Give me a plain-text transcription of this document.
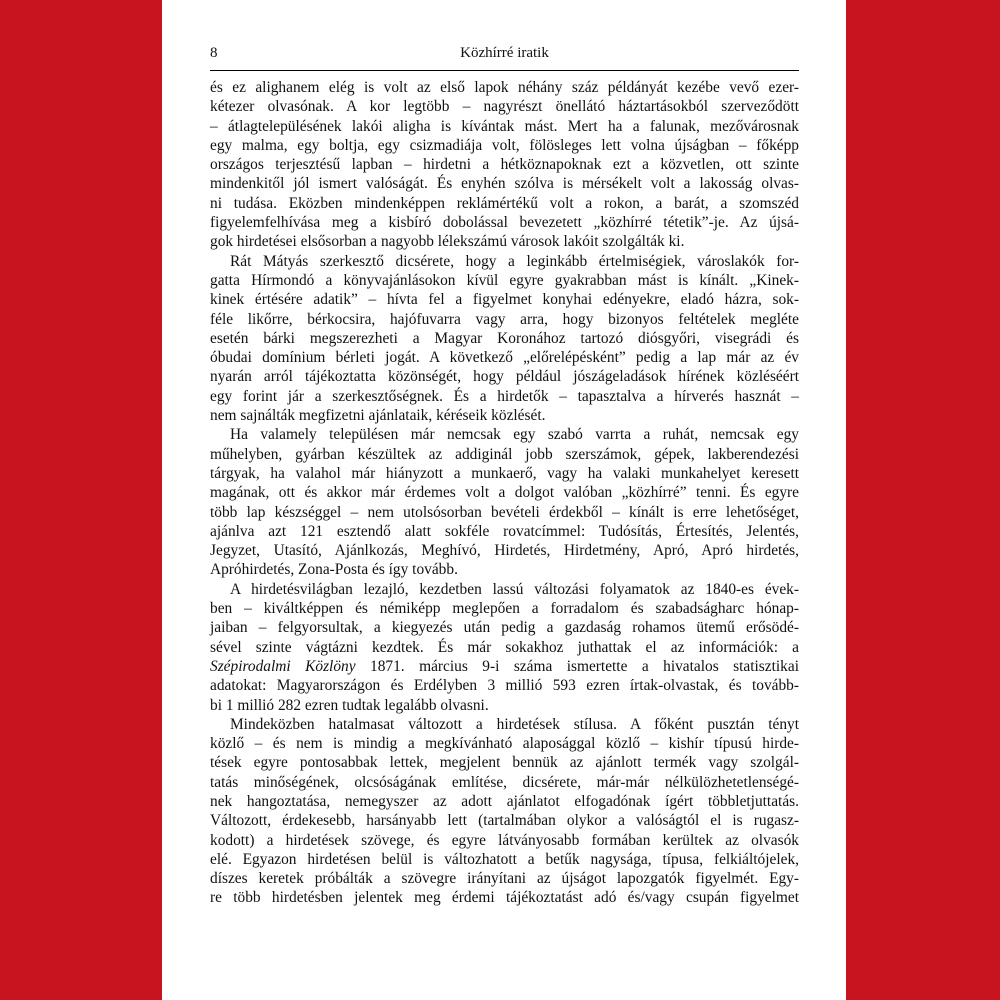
8	Közhírré iratik
és ez alighanem elég is volt az első lapok néhány száz példányát kezébe vevő ezer-
kétezer olvasónak. A kor legtöbb – nagyrészt önellátó háztartásokból szerveződött
– átlagtelepülésének lakói aligha is kívántak mást. Mert ha a falunak, mezővárosnak
egy malma, egy boltja, egy csizmadiája volt, fölösleges lett volna újságban – főképp
országos terjesztésű lapban – hirdetni a hétköznapoknak ezt a közvetlen, ott szinte
mindenkitől jól ismert valóságát. És enyhén szólva is mérsékelt volt a lakosság olvas-
ni tudása. Eközben mindenképpen reklámértékű volt a rokon, a barát, a szomszéd
figyelemfelhívása meg a kisbíró dobolással bevezetett „közhírré tétetik”-je. Az újsá-
gok hirdetései elsősorban a nagyobb lélekszámú városok lakóit szolgálták ki.
Rát Mátyás szerkesztő dicsérete, hogy a leginkább értelmiségiek, városlakók for-
gatta Hírmondó a könyvajánlásokon kívül egyre gyakrabban mást is kínált. „Kinek-
kinek értésére adatik” – hívta fel a figyelmet konyhai edényekre, eladó házra, sok-
féle likőrre, bérkocsira, hajófuvarra vagy arra, hogy bizonyos feltételek megléte
esetén bárki megszerezheti a Magyar Koronához tartozó diósgyőri, visegrádi és
óbudai domínium bérleti jogát. A következő „előrelépésként” pedig a lap már az év
nyarán arról tájékoztatta közönségét, hogy például jószágeladások hírének közléséért
egy forint jár a szerkesztőségnek. És a hirdetők – tapasztalva a hírverés hasznát –
nem sajnálták megfizetni ajánlataik, kéréseik közlését.
Ha valamely településen már nemcsak egy szabó varrta a ruhát, nemcsak egy
műhelyben, gyárban készültek az addiginál jobb szerszámok, gépek, lakberendezési
tárgyak, ha valahol már hiányzott a munkaerő, vagy ha valaki munkahelyet keresett
magának, ott és akkor már érdemes volt a dolgot valóban „közhírré” tenni. És egyre
több lap készséggel – nem utolsósorban bevételi érdekből – kínált is erre lehetőséget,
ajánlva azt 121 esztendő alatt sokféle rovatcímmel: Tudósítás, Értesítés, Jelentés,
Jegyzet, Utasító, Ajánlkozás, Meghívó, Hirdetés, Hirdetmény, Apró, Apró hirdetés,
Apróhirdetés, Zona-Posta és így tovább.
A hirdetésvilágban lezajló, kezdetben lassú változási folyamatok az 1840-es évek-
ben – kiváltképpen és némiképp meglepően a forradalom és szabadságharc hónap-
jaiban – felgyorsultak, a kiegyezés után pedig a gazdaság rohamos ütemű erősödé-
sével szinte vágtázni kezdtek. És már sokakhoz juthattak el az információk: a
Szépirodalmi Közlöny 1871. március 9-i száma ismertette a hivatalos statisztikai
adatokat: Magyarországon és Erdélyben 3 millió 593 ezren írtak-olvastak, és tovább-
bi 1 millió 282 ezren tudtak legalább olvasni.
Mindeközben hatalmasat változott a hirdetések stílusa. A főként pusztán tényt
közlő – és nem is mindig a megkívánható alaposággal közlő – kishír típusú hirde-
tések egyre pontosabbak lettek, megjelent bennük az ajánlott termék vagy szolgál-
tatás minőségének, olcsóságának említése, dicsérete, már-már nélkülözhetetlenségé-
nek hangoztatása, nemegyszer az adott ajánlatot elfogadónak ígért többletjuttatás.
Változott, érdekesebb, harsányabb lett (tartalmában olykor a valóságtól el is rugasz-
kodott) a hirdetések szövege, és egyre látványosabb formában kerültek az olvasók
elé. Egyazon hirdetésen belül is változhatott a betűk nagysága, típusa, felkiáltójelek,
díszes keretek próbálták a szövegre irányítani az újságot lapozgatók figyelmét. Egy-
re több hirdetésben jelentek meg érdemi tájékoztatást adó és/vagy csupán figyelmet
